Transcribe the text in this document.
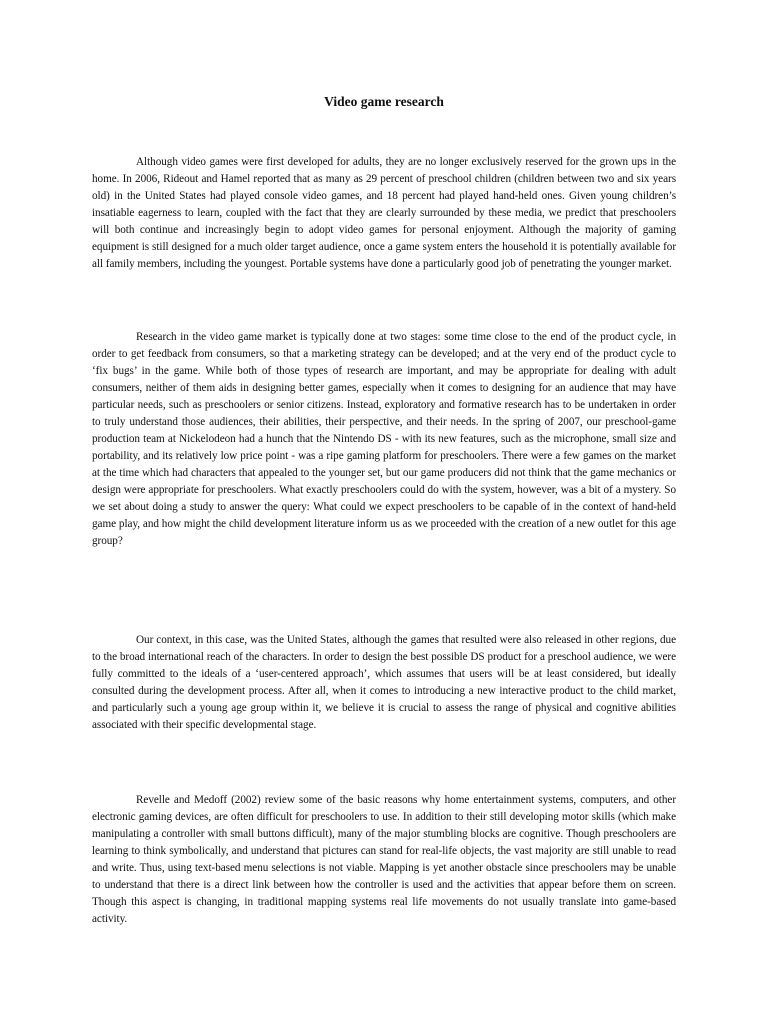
Video game research

Although video games were first developed for adults, they are no longer exclusively reserved for the grown ups in the home. In 2006, Rideout and Hamel reported that as many as 29 percent of preschool children (children between two and six years old) in the United States had played console video games, and 18 percent had played hand-held ones. Given young children’s insatiable eagerness to learn, coupled with the fact that they are clearly surrounded by these media, we predict that preschoolers will both continue and increasingly begin to adopt video games for personal enjoyment. Although the majority of gaming equipment is still designed for a much older target audience, once a game system enters the household it is potentially available for all family members, including the youngest. Portable systems have done a particularly good job of penetrating the younger market.

Research in the video game market is typically done at two stages: some time close to the end of the product cycle, in order to get feedback from consumers, so that a marketing strategy can be developed; and at the very end of the product cycle to ‘fix bugs’ in the game. While both of those types of research are important, and may be appropriate for dealing with adult consumers, neither of them aids in designing better games, especially when it comes to designing for an audience that may have particular needs, such as preschoolers or senior citizens. Instead, exploratory and formative research has to be undertaken in order to truly understand those audiences, their abilities, their perspective, and their needs. In the spring of 2007, our preschool-game production team at Nickelodeon had a hunch that the Nintendo DS - with its new features, such as the microphone, small size and portability, and its relatively low price point - was a ripe gaming platform for preschoolers. There were a few games on the market at the time which had characters that appealed to the younger set, but our game producers did not think that the game mechanics or design were appropriate for preschoolers. What exactly preschoolers could do with the system, however, was a bit of a mystery. So we set about doing a study to answer the query: What could we expect preschoolers to be capable of in the context of hand-held game play, and how might the child development literature inform us as we proceeded with the creation of a new outlet for this age group?

Our context, in this case, was the United States, although the games that resulted were also released in other regions, due to the broad international reach of the characters. In order to design the best possible DS product for a preschool audience, we were fully committed to the ideals of a ‘user-centered approach’, which assumes that users will be at least considered, but ideally consulted during the development process. After all, when it comes to introducing a new interactive product to the child market, and particularly such a young age group within it, we believe it is crucial to assess the range of physical and cognitive abilities associated with their specific developmental stage.

Revelle and Medoff (2002) review some of the basic reasons why home entertainment systems, computers, and other electronic gaming devices, are often difficult for preschoolers to use. In addition to their still developing motor skills (which make manipulating a controller with small buttons difficult), many of the major stumbling blocks are cognitive. Though preschoolers are learning to think symbolically, and understand that pictures can stand for real-life objects, the vast majority are still unable to read and write. Thus, using text-based menu selections is not viable. Mapping is yet another obstacle since preschoolers may be unable to understand that there is a direct link between how the controller is used and the activities that appear before them on screen. Though this aspect is changing, in traditional mapping systems real life movements do not usually translate into game-based activity.
